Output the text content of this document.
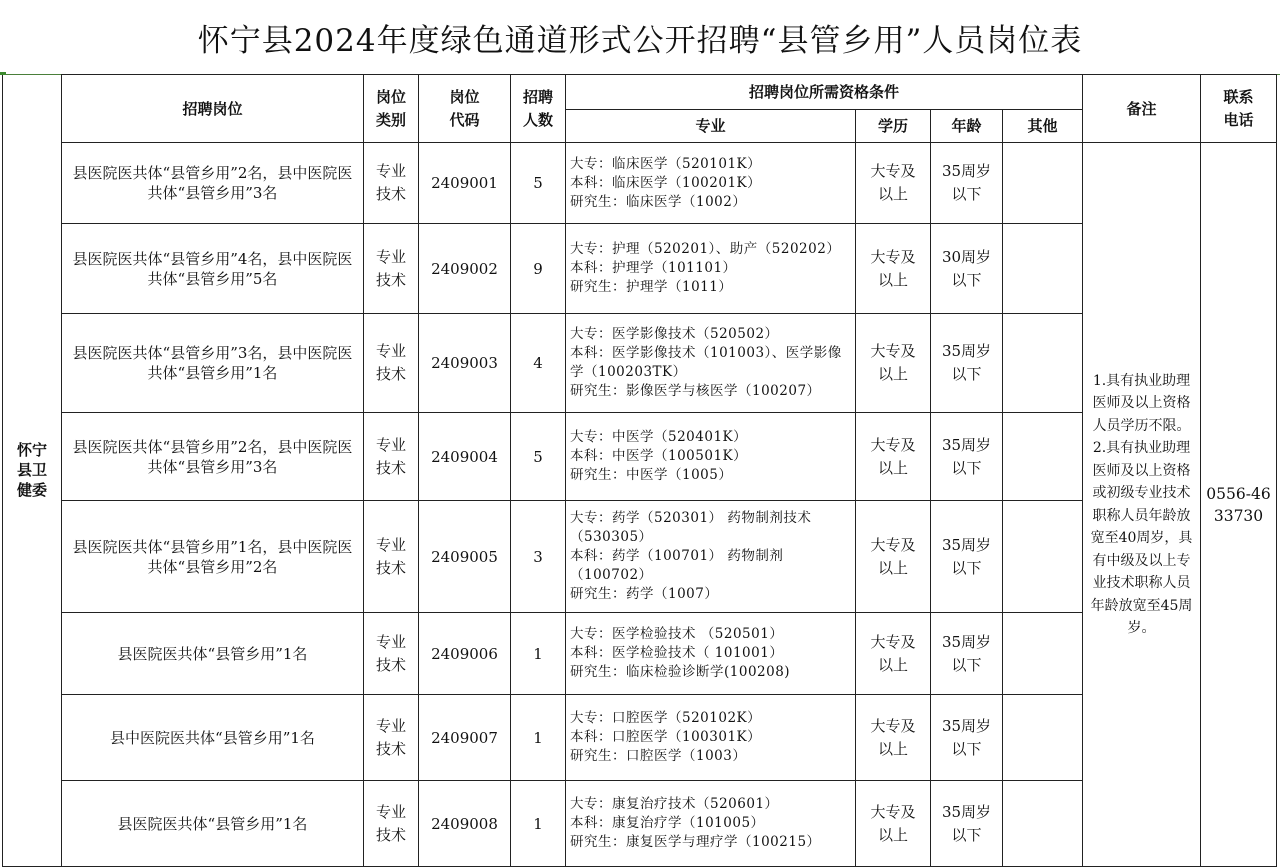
怀宁县2024年度绿色通道形式公开招聘“县管乡用”人员岗位表
怀宁县卫健委	招聘岗位	岗位类别	岗位代码	招聘人数	招聘岗位所需资格条件				备注	联系电话

					专业	学历	年龄	其他		
	县医院医共体“县管乡用”2名，县中医院医共体“县管乡用”3名	专业技术	2409001	5	大专：临床医学（520101K）
本科：临床医学（100201K）
研究生：临床医学（1002）	大专及以上	35周岁以下		1.具有执业助理医师及以上资格人员学历不限。2.具有执业助理医师及以上资格或初级专业技术职称人员年龄放宽至40周岁，具有中级及以上专业技术职称人员年龄放宽至45周岁。	0556-4633730

	县医院医共体“县管乡用”4名，县中医院医共体“县管乡用”5名	专业技术	2409002	9	大专：护理（520201）、助产（520202）
本科：护理学（101101）
研究生：护理学（1011）	大专及以上	30周岁以下			

	县医院医共体“县管乡用”3名，县中医院医共体“县管乡用”1名	专业技术	2409003	4	大专：医学影像技术（520502）
本科：医学影像技术（101003）、医学影像学（100203TK）
研究生：影像医学与核医学（100207）	大专及以上	35周岁以下			

	县医院医共体“县管乡用”2名，县中医院医共体“县管乡用”3名	专业技术	2409004	5	大专：中医学（520401K）
本科：中医学（100501K）
研究生：中医学（1005）	大专及以上	35周岁以下			

	县医院医共体“县管乡用”1名，县中医院医共体“县管乡用”2名	专业技术	2409005	3	大专：药学（520301） 药物制剂技术（530305）
本科：药学（100701） 药物制剂（100702）
研究生：药学（1007）	大专及以上	35周岁以下			

	县医院医共体“县管乡用”1名	专业技术	2409006	1	大专：医学检验技术 （520501）
本科：医学检验技术（ 101001）
研究生：临床检验诊断学(100208)	大专及以上	35周岁以下			

	县中医院医共体“县管乡用”1名	专业技术	2409007	1	大专：口腔医学（520102K）
本科：口腔医学（100301K）
研究生：口腔医学（1003）	大专及以上	35周岁以下			

	县医院医共体“县管乡用”1名	专业技术	2409008	1	大专：康复治疗技术（520601）
本科：康复治疗学（101005）
研究生：康复医学与理疗学（100215）	大专及以上	35周岁以下			
